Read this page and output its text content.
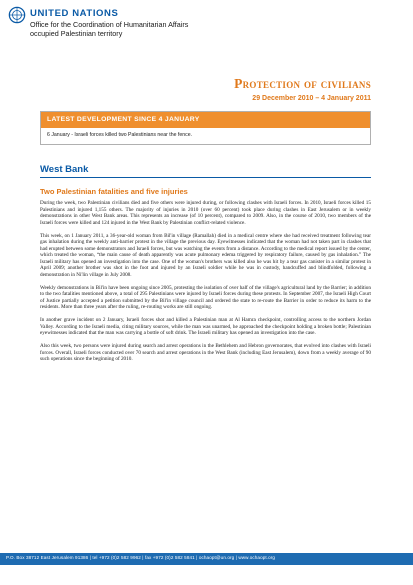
UNITED NATIONS
Office for the Coordination of Humanitarian Affairs
occupied Palestinian territory
Protection of civilians
29 December 2010 – 4 January 2011
LATEST DEVELOPMENT SINCE 4 JANUARY
6 January - Israeli forces killed two Palestinians near the fence.
West Bank
Two Palestinian fatalities and five injuries

During the week, two Palestinian civilians died and five others were injured during, or following clashes with Israeli forces. In 2010, Israeli forces killed 15 Palestinians and injured 1,155 others. The majority of injuries in 2010 (over 60 percent) took place during clashes in East Jerusalem or in weekly demonstrations in other West Bank areas. This represents an increase (of 10 percent), compared to 2009. Also, in the course of 2010, two members of the Israeli forces were killed and 124 injured in the West Bank by Palestinian conflict-related violence.

This week, on 1 January 2011, a 36-year-old woman from Bil'in village (Ramallah) died in a medical centre where she had received treatment following tear gas inhalation during the weekly anti-barrier protest in the village the previous day. Eyewitnesses indicated that the woman had not taken part in clashes that had erupted between some demonstrators and Israeli forces, but was watching the events from a distance. According to the medical report issued by the center, which treated the woman, “the main cause of death apparently was acute pulmonary edema triggered by respiratory failure, caused by gas inhalation.” The Israeli military has opened an investigation into the case. One of the woman's brothers was killed also he was hit by a tear gas canister in a similar protest in April 2009; another brother was shot in the foot and injured by an Israeli soldier while he was in custody, handcuffed and blindfolded, following a demonstration in Ni'lin village in July 2008.

Weekly demonstrations in Bil'in have been ongoing since 2005, protesting the isolation of over half of the village's agricultural land by the Barrier; in addition to the two fatalities mentioned above, a total of 295 Palestinians were injured by Israeli forces during these protests. In September 2007, the Israeli High Court of Justice partially accepted a petition submitted by the Bil'in village council and ordered the state to re-route the Barrier in order to reduce its harm to the residents. More than three years after the ruling, re-routing works are still ongoing.

In another grave incident on 2 January, Israeli forces shot and killed a Palestinian man at Al Hamra checkpoint, controlling access to the northern Jordan Valley. According to the Israeli media, citing military sources, while the man was unarmed, he approached the checkpoint holding a broken bottle; Palestinian eyewitnesses indicated that the man was carrying a bottle of soft drink. The Israeli military has opened an investigation into the case.

Also this week, two persons were injured during search and arrest operations in the Bethlehem and Hebron governorates, that evolved into clashes with Israeli forces. Overall, Israeli forces conducted over 70 search and arrest operations in the West Bank (including East Jerusalem), down from a weekly average of 90 such operations since the beginning of 2010.

P.O. Box 38712 East Jerusalem 91386 | tel +972 (0)2 582 9962 | fax +972 (0)2 582 5841 | ochaopt@un.org | www.ochaopt.org
